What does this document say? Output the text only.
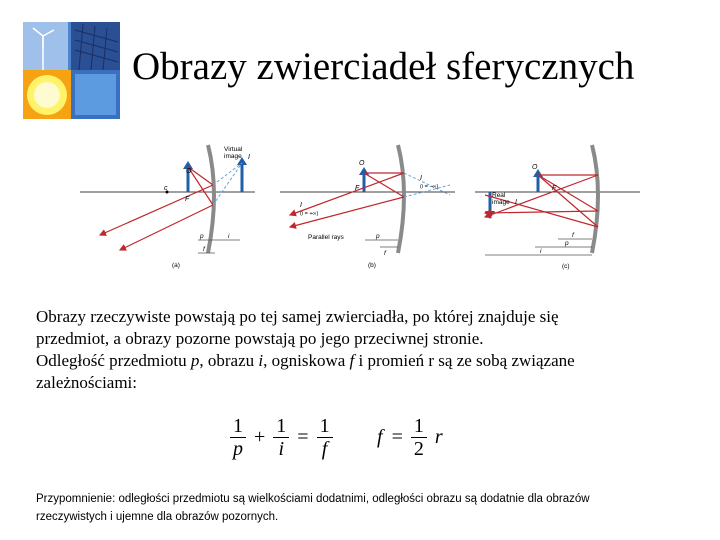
Obrazy zwierciadeł sferycznych
Virtual
image I
O
F
c
p	i
f
(a)
O
F
I
(i = −∞)
I
(i = +∞)
Parallel rays	p
f
(b)
O
F
Real
image I
f
p
i
(c)

Obrazy rzeczywiste powstają po tej samej zwierciadła, po której znajduje się

przedmiot, a obrazy pozorne powstają po jego przeciwnej stronie.

Odległość przedmiotu p, obrazu i, ogniskowa f i promień r są ze sobą związane

zależnościami:

$\frac{1}{p} + \frac{1}{i} = \frac{1}{f}$ $f = \frac{1}{2}$ r
Przypomnienie: odległości przedmiotu są wielkościami dodatnimi, odległości obrazu są dodatnie dla obrazów
rzeczywistych i ujemne dla obrazów pozornych.
